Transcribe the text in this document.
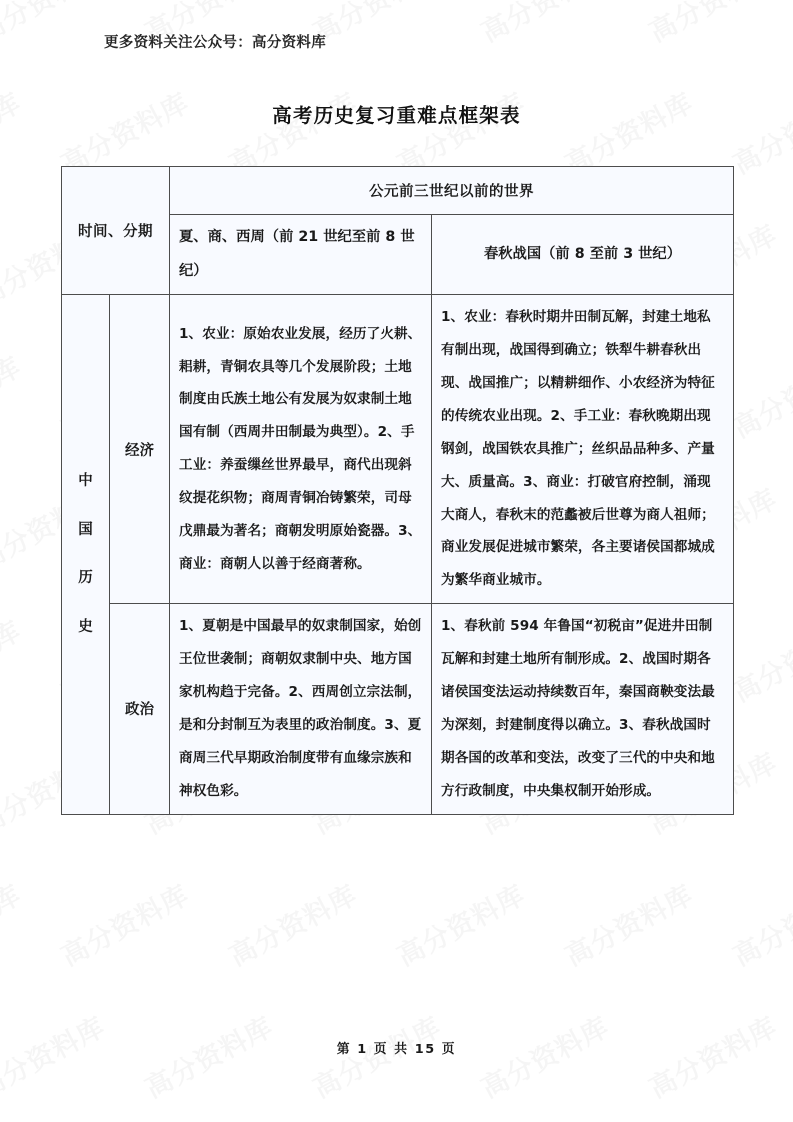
更多资料关注公众号：高分资料库
高考历史复习重难点框架表
时间、分期		公元前三世纪以前的世界	
		夏、商、西周（前 21 世纪至前 8 世纪）	春秋战国（前 8 至前 3 世纪）

中
国
历
史	经济	1、农业：原始农业发展，经历了火耕、耜耕，青铜农具等几个发展阶段；土地制度由氏族土地公有发展为奴隶制土地国有制（西周井田制最为典型）。2、手工业：养蚕缫丝世界最早，商代出现斜纹提花织物；商周青铜冶铸繁荣，司母戊鼎最为著名；商朝发明原始瓷器。3、商业：商朝人以善于经商著称。	1、农业：春秋时期井田制瓦解，封建土地私有制出现，战国得到确立；铁犁牛耕春秋出现、战国推广；以精耕细作、小农经济为特征的传统农业出现。2、手工业：春秋晚期出现钢剑，战国铁农具推广；丝织品品种多、产量大、质量高。3、商业：打破官府控制，涌现大商人，春秋末的范蠡被后世尊为商人祖师；商业发展促进城市繁荣，各主要诸侯国都城成为繁华商业城市。
	政治	1、夏朝是中国最早的奴隶制国家，始创王位世袭制；商朝奴隶制中央、地方国家机构趋于完备。2、西周创立宗法制，是和分封制互为表里的政治制度。3、夏商周三代早期政治制度带有血缘宗族和神权色彩。	1、春秋前 594 年鲁国“初税亩”促进井田制瓦解和封建土地所有制形成。2、战国时期各诸侯国变法运动持续数百年，秦国商鞅变法最为深刻，封建制度得以确立。3、春秋战国时期各国的改革和变法，改变了三代的中央和地方行政制度，中央集权制开始形成。
第 1 页 共 15 页
